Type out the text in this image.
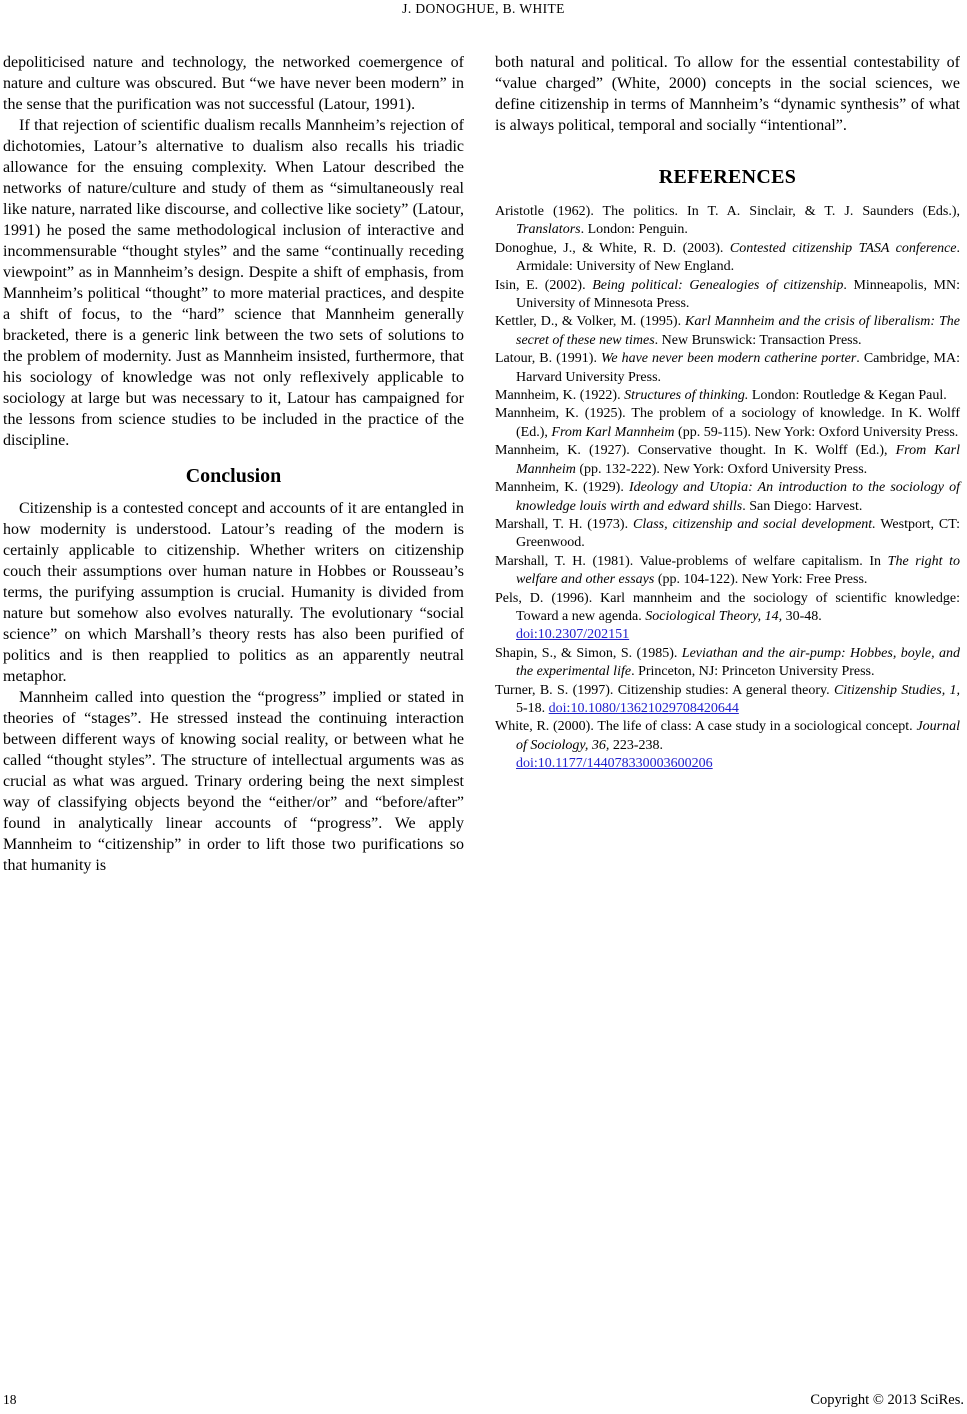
J. DONOGHUE, B. WHITE

depoliticised nature and technology, the networked coemergence of nature and culture was obscured. But “we have never been modern” in the sense that the purification was not successful (Latour, 1991).

If that rejection of scientific dualism recalls Mannheim’s rejection of dichotomies, Latour’s alternative to dualism also recalls his triadic allowance for the ensuing complexity. When Latour described the networks of nature/culture and study of them as “simultaneously real like nature, narrated like discourse, and collective like society” (Latour, 1991) he posed the same methodological inclusion of interactive and incommensurable “thought styles” and the same “continually receding viewpoint” as in Mannheim’s design. Despite a shift of emphasis, from Mannheim’s political “thought” to more material practices, and despite a shift of focus, to the “hard” science that Mannheim generally bracketed, there is a generic link between the two sets of solutions to the problem of modernity. Just as Mannheim insisted, furthermore, that his sociology of knowledge was not only reflexively applicable to sociology at large but was necessary to it, Latour has campaigned for the lessons from science studies to be included in the practice of the discipline.

Conclusion

Citizenship is a contested concept and accounts of it are entangled in how modernity is understood. Latour’s reading of the modern is certainly applicable to citizenship. Whether writers on citizenship couch their assumptions over human nature in Hobbes or Rousseau’s terms, the purifying assumption is crucial. Humanity is divided from nature but somehow also evolves naturally. The evolutionary “social science” on which Marshall’s theory rests has also been purified of politics and is then reapplied to politics as an apparently neutral metaphor.

Mannheim called into question the “progress” implied or stated in theories of “stages”. He stressed instead the continuing interaction between different ways of knowing social reality, or between what he called “thought styles”. The structure of intellectual arguments was as crucial as what was argued. Trinary ordering being the next simplest way of classifying objects beyond the “either/or” and “before/after” found in analytically linear accounts of “progress”. We apply Mannheim to “citizenship” in order to lift those two purifications so that humanity is

both natural and political. To allow for the essential contestability of “value charged” (White, 2000) concepts in the social sciences, we define citizenship in terms of Mannheim’s “dynamic synthesis” of what is always political, temporal and socially “intentional”.

REFERENCES
Aristotle (1962). The politics. In T. A. Sinclair, & T. J. Saunders (Eds.), Translators. London: Penguin.
Donoghue, J., & White, R. D. (2003). Contested citizenship TASA conference. Armidale: University of New England.
Isin, E. (2002). Being political: Genealogies of citizenship. Minneapolis, MN: University of Minnesota Press.
Kettler, D., & Volker, M. (1995). Karl Mannheim and the crisis of liberalism: The secret of these new times. New Brunswick: Transaction Press.
Latour, B. (1991). We have never been modern catherine porter. Cambridge, MA: Harvard University Press.
Mannheim, K. (1922). Structures of thinking. London: Routledge & Kegan Paul.
Mannheim, K. (1925). The problem of a sociology of knowledge. In K. Wolff (Ed.), From Karl Mannheim (pp. 59-115). New York: Oxford University Press.
Mannheim, K. (1927). Conservative thought. In K. Wolff (Ed.), From Karl Mannheim (pp. 132-222). New York: Oxford University Press.
Mannheim, K. (1929). Ideology and Utopia: An introduction to the sociology of knowledge louis wirth and edward shills. San Diego: Harvest.
Marshall, T. H. (1973). Class, citizenship and social development. Westport, CT: Greenwood.
Marshall, T. H. (1981). Value-problems of welfare capitalism. In The right to welfare and other essays (pp. 104-122). New York: Free Press.
Pels, D. (1996). Karl mannheim and the sociology of scientific knowledge: Toward a new agenda. Sociological Theory, 14, 30-48.
doi:10.2307/202151
Shapin, S., & Simon, S. (1985). Leviathan and the air-pump: Hobbes, boyle, and the experimental life. Princeton, NJ: Princeton University Press.
Turner, B. S. (1997). Citizenship studies: A general theory. Citizenship Studies, 1, 5-18. doi:10.1080/13621029708420644
White, R. (2000). The life of class: A case study in a sociological concept. Journal of Sociology, 36, 223-238.
doi:10.1177/144078330003600206
18	Copyright © 2013 SciRes.
